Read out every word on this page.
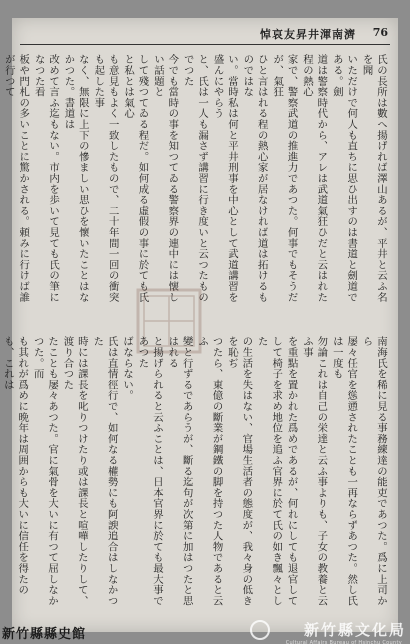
悼哀友昇井渾南濟 76
氏の長所は數へ揚げれば澤山あるが、平井と云ふ名を聞
いただけで何人も直ちに思ひ出すのは書道と劍道である。劍
道は警察時代から、アレは武道氣狂ひだと云はれた程の熱心
家で、警察武道の推進力であつた。何事でもそうだが、氣狂
ひと言はれる程の熱心家が居なければ道は拓けるものではな
い。當時私は何と平井刑事を中心として武道講習を盛んにやらう
と、氏は一人も漏さず講習に行き度いと云つたものでつた
今でも當時の事を知つてゐる警察界の連中には懐しい話題と
して殘つてゐる程だ。如何成る虛假の事に於ても氏と私とは氣心
も意見もよく一致したもので、二十年間一回の衝突も起した事
なく、無限に上下の慘ましい思ひを懷いたことはなかつた。書道は
改めて言ふ迄もない。市内を歩いて見ても氏の筆になつた看
板や門札の多いことに驚かされる。頼みに行けば誰が行つて
南海氏を稀に見る事務練達の能吏であつた。爲に上司から
屡々任官を慫慂されたことも一再ならずあつた。然し氏は一度も
勿論これは自己の栄達と云ふ事よりも、子女の教養と云ふ事
を重點を置かれた爲めであるが、何れにしても退官して
して椅子を求め地位を追ふ官界に於て氏の如き飄々とした
の生活を失はない、官場生活者の態度が、我々身の低きを恥ぢ
つたら、東億の斷業が鋼鐵の脚を持つた人物であると云ふ
變と行ずるであらうが、斷る迄句が次第に加はつたと思はれる
と揚げられると云ふことは、日本官界に於ても最大事であつた
ばならない。
氏は直情徑行で、如何なる權勢にも阿諛追合はしなかつた
時には課長を叱りつけたり或は課長と喧嘩したりして、渡り合つた
たことも屡々あつた。官に氣骨を大いに有つて屈しなかつた。而
も其れが爲めに晩年は周囲からも大いに信任を得たのも、これは
新竹縣文化局
Cultural Affairs Bureau of Hsinchu County
新竹縣縣史館
